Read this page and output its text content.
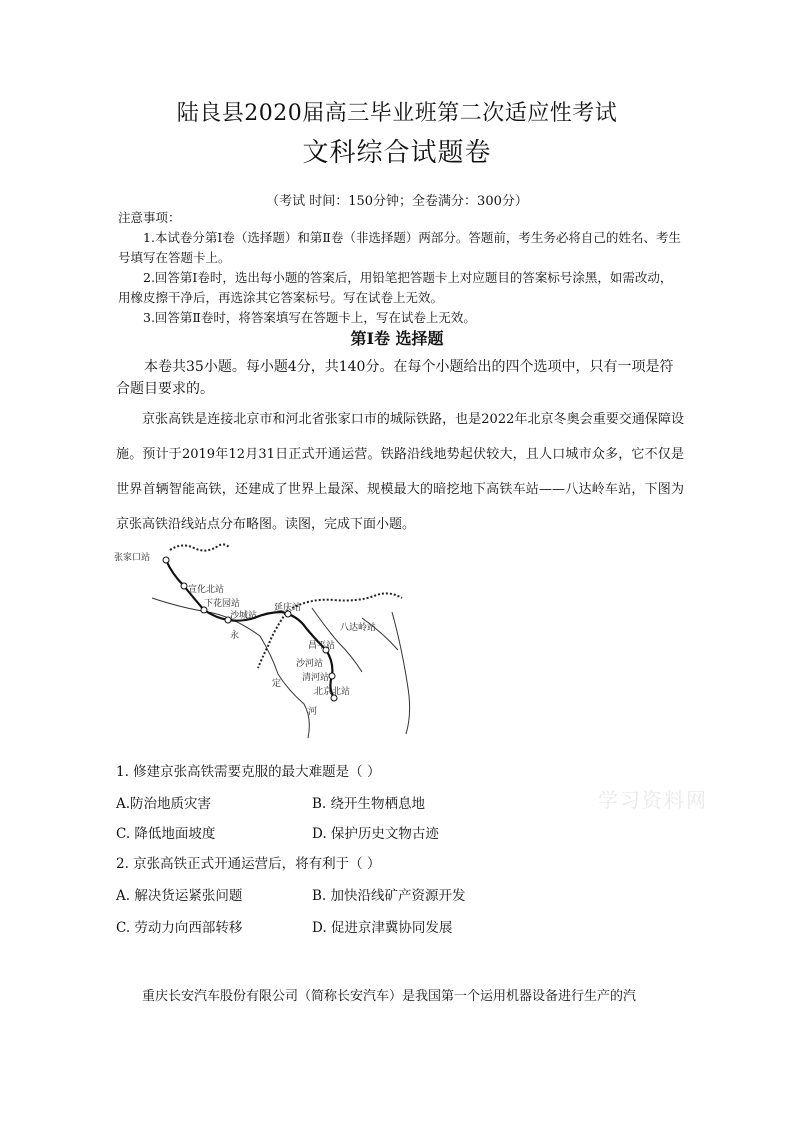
陆良县2020届高三毕业班第二次适应性考试
文科综合试题卷
（考试 时间：150分钟；全卷满分：300分）

注意事项：

1.本试卷分第Ⅰ卷（选择题）和第Ⅱ卷（非选择题）两部分。答题前，考生务必将自己的姓名、考生号填写在答题卡上。

2.回答第Ⅰ卷时，选出每小题的答案后，用铅笔把答题卡上对应题目的答案标号涂黑，如需改动，用橡皮擦干净后，再选涂其它答案标号。写在试卷上无效。

3.回答第Ⅱ卷时，将答案填写在答题卡上，写在试卷上无效。

第Ⅰ卷 选择题

本卷共35小题。每小题4分，共140分。在每个小题给出的四个选项中，只有一项是符合题目要求的。

京张高铁是连接北京市和河北省张家口市的城际铁路，也是2022年北京冬奥会重要交通保障设施。预计于2019年12月31日正式开通运营。铁路沿线地势起伏较大，且人口城市众多，它不仅是世界首辆智能高铁，还建成了世界上最深、规模最大的暗挖地下高铁车站——八达岭车站，下图为京张高铁沿线站点分布略图。读图，完成下面小题。

张家口站
宣化北站
下花园站
沙城站
延庆站
八达岭站
昌平站
沙河站
清河站
北京北站
永
定
河
1. 修建京张高铁需要克服的最大难题是（ ）
A.防治地质灾害	B. 绕开生物栖息地
C. 降低地面坡度	D. 保护历史文物古迹
2. 京张高铁正式开通运营后，将有利于（ ）
A. 解决货运紧张问题	B. 加快沿线矿产资源开发
C. 劳动力向西部转移	D. 促进京津冀协同发展
学习资料网
重庆长安汽车股份有限公司（简称长安汽车）是我国第一个运用机器设备进行生产的汽
